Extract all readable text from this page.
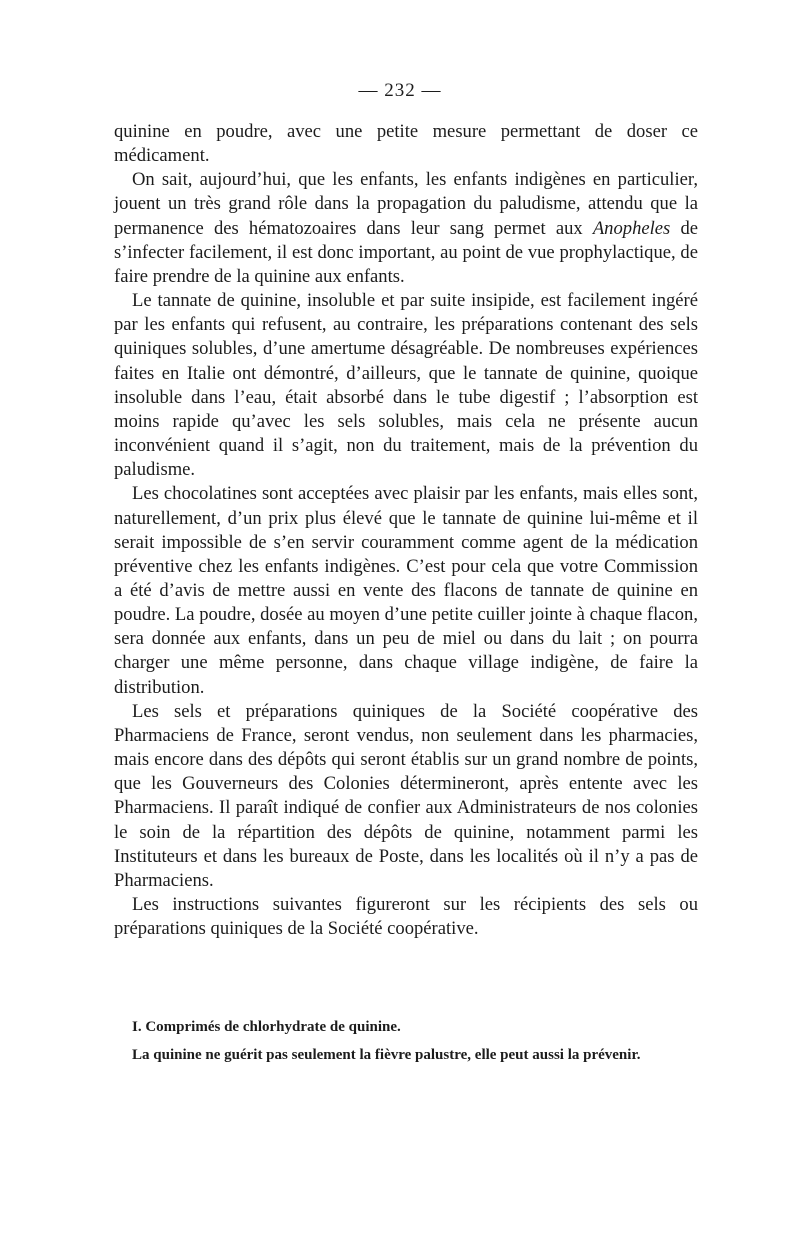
— 232 —

quinine en poudre, avec une petite mesure permettant de doser ce médicament.

On sait, aujourd’hui, que les enfants, les enfants indigènes en particulier, jouent un très grand rôle dans la propagation du paludisme, attendu que la permanence des hématozoaires dans leur sang permet aux Anopheles de s’infecter facilement, il est donc important, au point de vue prophylactique, de faire prendre de la quinine aux enfants.

Le tannate de quinine, insoluble et par suite insipide, est facilement ingéré par les enfants qui refusent, au contraire, les préparations contenant des sels quiniques solubles, d’une amertume désagréable. De nombreuses expériences faites en Italie ont démontré, d’ailleurs, que le tannate de quinine, quoique insoluble dans l’eau, était absorbé dans le tube digestif ; l’absorption est moins rapide qu’avec les sels solubles, mais cela ne présente aucun inconvénient quand il s’agit, non du traitement, mais de la prévention du paludisme.

Les chocolatines sont acceptées avec plaisir par les enfants, mais elles sont, naturellement, d’un prix plus élevé que le tannate de quinine lui-même et il serait impossible de s’en servir couramment comme agent de la médication préventive chez les enfants indigènes. C’est pour cela que votre Commission a été d’avis de mettre aussi en vente des flacons de tannate de quinine en poudre. La poudre, dosée au moyen d’une petite cuiller jointe à chaque flacon, sera donnée aux enfants, dans un peu de miel ou dans du lait ; on pourra charger une même personne, dans chaque village indigène, de faire la distribution.

Les sels et préparations quiniques de la Société coopérative des Pharmaciens de France, seront vendus, non seulement dans les pharmacies, mais encore dans des dépôts qui seront établis sur un grand nombre de points, que les Gouverneurs des Colonies détermineront, après entente avec les Pharmaciens. Il paraît indiqué de confier aux Administrateurs de nos colonies le soin de la répartition des dépôts de quinine, notamment parmi les Instituteurs et dans les bureaux de Poste, dans les localités où il n’y a pas de Pharmaciens.

Les instructions suivantes figureront sur les récipients des sels ou préparations quiniques de la Société coopérative.

I. Comprimés de chlorhydrate de quinine.

La quinine ne guérit pas seulement la fièvre palustre, elle peut aussi la prévenir.
